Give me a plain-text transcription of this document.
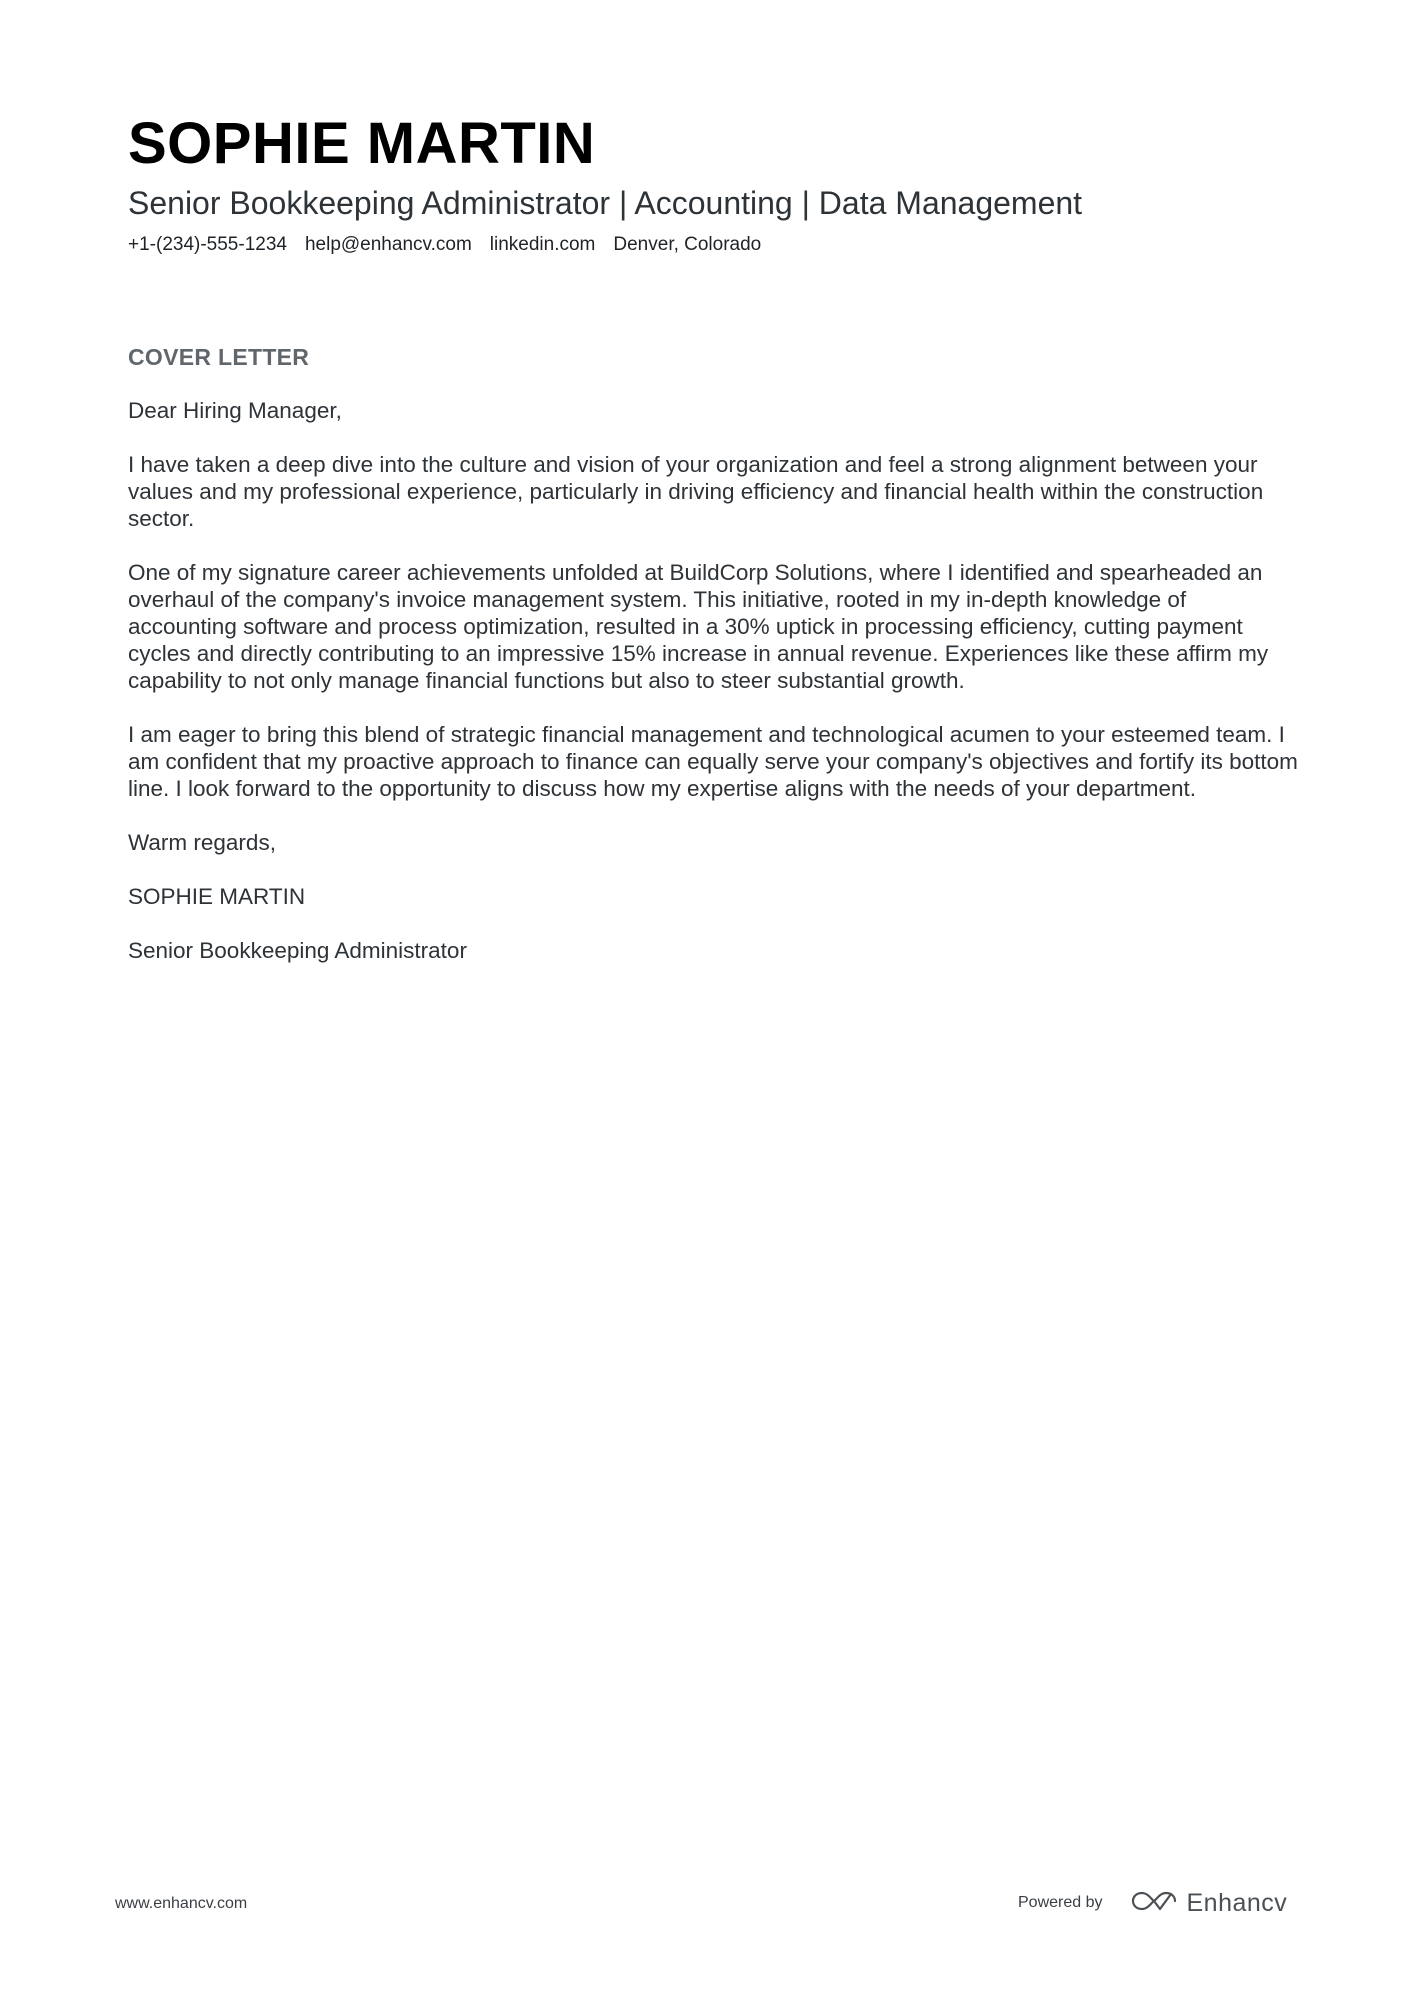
SOPHIE MARTIN
Senior Bookkeeping Administrator | Accounting | Data Management
+1-(234)-555-1234 help@enhancv.com linkedin.com Denver, Colorado
COVER LETTER

Dear Hiring Manager,

I have taken a deep dive into the culture and vision of your organization and feel a strong alignment between your values and my professional experience, particularly in driving efficiency and financial health within the construction sector.

One of my signature career achievements unfolded at BuildCorp Solutions, where I identified and spearheaded an overhaul of the company's invoice management system. This initiative, rooted in my in-depth knowledge of accounting software and process optimization, resulted in a 30% uptick in processing efficiency, cutting payment cycles and directly contributing to an impressive 15% increase in annual revenue. Experiences like these affirm my capability to not only manage financial functions but also to steer substantial growth.

I am eager to bring this blend of strategic financial management and technological acumen to your esteemed team. I am confident that my proactive approach to finance can equally serve your company's objectives and fortify its bottom line. I look forward to the opportunity to discuss how my expertise aligns with the needs of your department.

Warm regards,

SOPHIE MARTIN

Senior Bookkeeping Administrator

www.enhancv.com	Powered by	Enhancv
